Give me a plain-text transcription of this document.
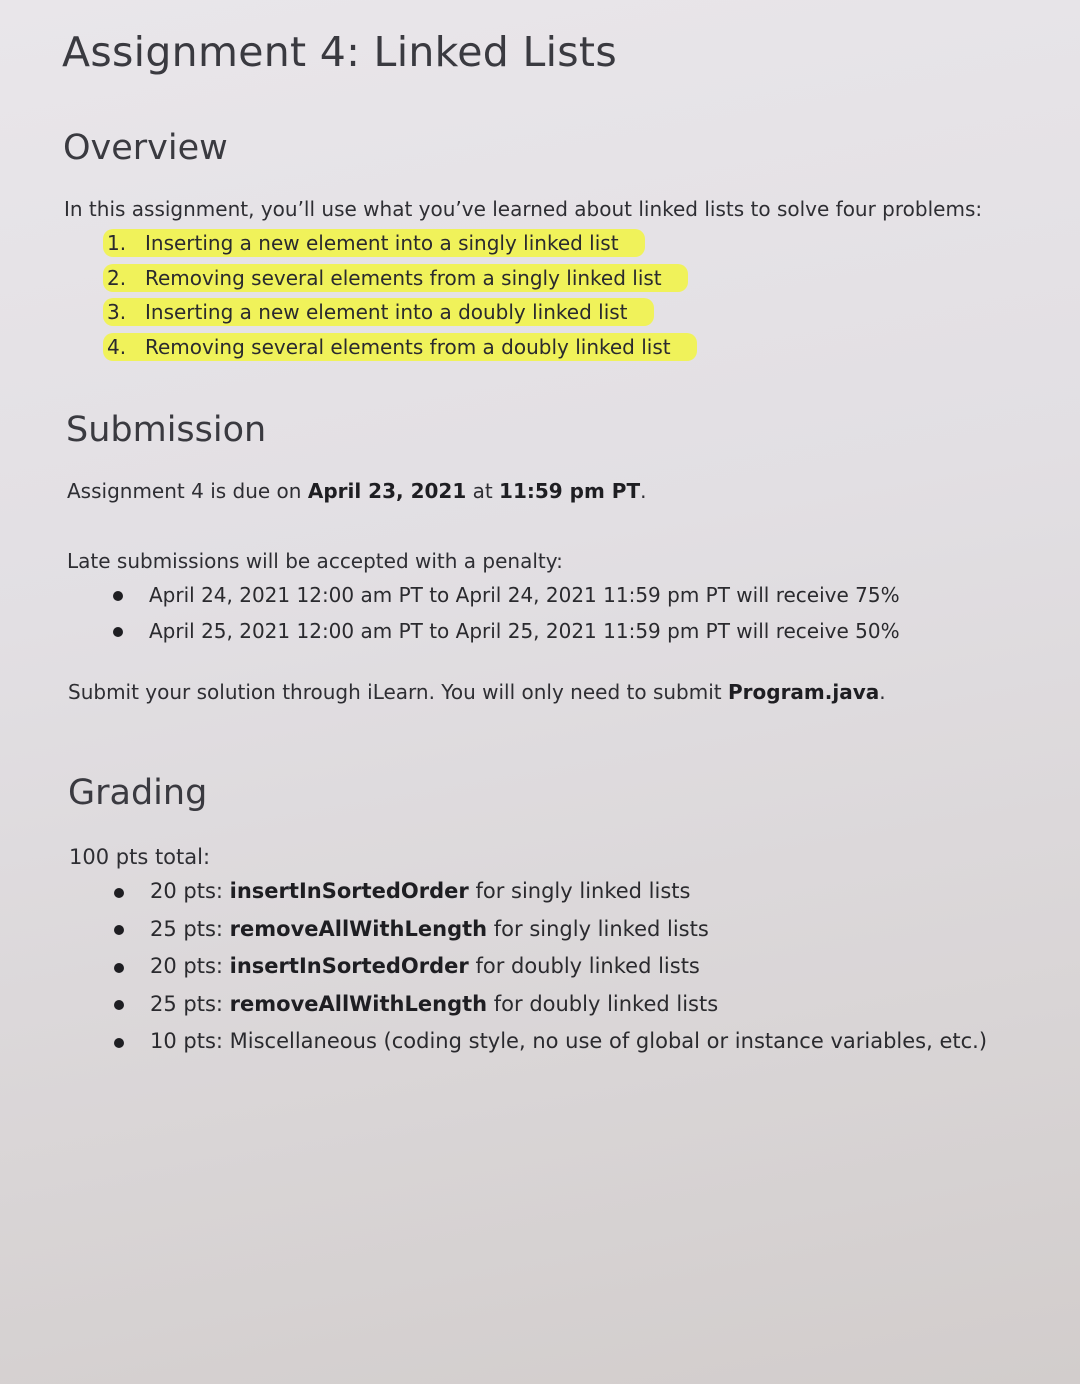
Assignment 4: Linked Lists
Overview

In this assignment, you’ll use what you’ve learned about linked lists to solve four problems:

1. Inserting a new element into a singly linked list
2. Removing several elements from a singly linked list
3. Inserting a new element into a doubly linked list
4. Removing several elements from a doubly linked list
Submission

Assignment 4 is due on April 23, 2021 at 11:59 pm PT.

Late submissions will be accepted with a penalty:

April 24, 2021 12:00 am PT to April 24, 2021 11:59 pm PT will receive 75%
April 25, 2021 12:00 am PT to April 25, 2021 11:59 pm PT will receive 50%

Submit your solution through iLearn. You will only need to submit Program.java.

Grading

100 pts total:

20 pts: insertInSortedOrder for singly linked lists
25 pts: removeAllWithLength for singly linked lists
20 pts: insertInSortedOrder for doubly linked lists
25 pts: removeAllWithLength for doubly linked lists
10 pts: Miscellaneous (coding style, no use of global or instance variables, etc.)
